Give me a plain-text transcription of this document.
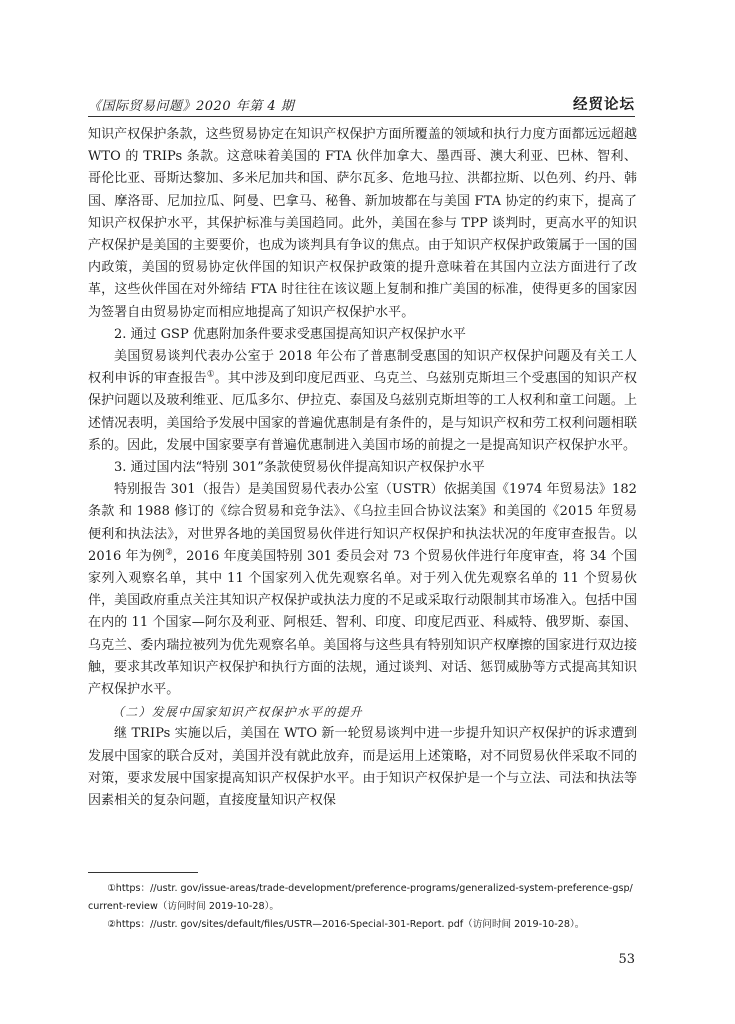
《国际贸易问题》2020 年第 4 期	经贸论坛

知识产权保护条款，这些贸易协定在知识产权保护方面所覆盖的领域和执行力度方面都远远超越 WTO 的 TRIPs 条款。这意味着美国的 FTA 伙伴加拿大、墨西哥、澳大利亚、巴林、智利、哥伦比亚、哥斯达黎加、多米尼加共和国、萨尔瓦多、危地马拉、洪都拉斯、以色列、约丹、韩国、摩洛哥、尼加拉瓜、阿曼、巴拿马、秘鲁、新加坡都在与美国 FTA 协定的约束下，提高了知识产权保护水平，其保护标准与美国趋同。此外，美国在参与 TPP 谈判时，更高水平的知识产权保护是美国的主要要价，也成为谈判具有争议的焦点。由于知识产权保护政策属于一国的国内政策，美国的贸易协定伙伴国的知识产权保护政策的提升意味着在其国内立法方面进行了改革，这些伙伴国在对外缔结 FTA 时往往在该议题上复制和推广美国的标准，使得更多的国家因为签署自由贸易协定而相应地提高了知识产权保护水平。

2. 通过 GSP 优惠附加条件要求受惠国提高知识产权保护水平

美国贸易谈判代表办公室于 2018 年公布了普惠制受惠国的知识产权保护问题及有关工人权利申诉的审查报告①。其中涉及到印度尼西亚、乌克兰、乌兹别克斯坦三个受惠国的知识产权保护问题以及玻利维亚、厄瓜多尔、伊拉克、泰国及乌兹别克斯坦等的工人权利和童工问题。上述情况表明，美国给予发展中国家的普遍优惠制是有条件的，是与知识产权和劳工权利问题相联系的。因此，发展中国家要享有普遍优惠制进入美国市场的前提之一是提高知识产权保护水平。

3. 通过国内法“特别 301”条款使贸易伙伴提高知识产权保护水平

特别报告 301（报告）是美国贸易代表办公室（USTR）依据美国《1974 年贸易法》182 条款 和 1988 修订的《综合贸易和竞争法》、《乌拉圭回合协议法案》和美国的《2015 年贸易便利和执法法》，对世界各地的美国贸易伙伴进行知识产权保护和执法状况的年度审查报告。以 2016 年为例②，2016 年度美国特别 301 委员会对 73 个贸易伙伴进行年度审查，将 34 个国家列入观察名单，其中 11 个国家列入优先观察名单。对于列入优先观察名单的 11 个贸易伙伴，美国政府重点关注其知识产权保护或执法力度的不足或采取行动限制其市场准入。包括中国在内的 11 个国家—阿尔及利亚、阿根廷、智利、印度、印度尼西亚、科威特、俄罗斯、泰国、乌克兰、委内瑞拉被列为优先观察名单。美国将与这些具有特别知识产权摩擦的国家进行双边接触，要求其改革知识产权保护和执行方面的法规，通过谈判、对话、惩罚威胁等方式提高其知识产权保护水平。

（二）发展中国家知识产权保护水平的提升

继 TRIPs 实施以后，美国在 WTO 新一轮贸易谈判中进一步提升知识产权保护的诉求遭到发展中国家的联合反对，美国并没有就此放弃，而是运用上述策略，对不同贸易伙伴采取不同的对策，要求发展中国家提高知识产权保护水平。由于知识产权保护是一个与立法、司法和执法等因素相关的复杂问题，直接度量知识产权保

①https：//ustr. gov/issue-areas/trade-development/preference-programs/generalized-system-preference-gsp/current-review（访问时间 2019-10-28）。

②https：//ustr. gov/sites/default/files/USTR—2016-Special-301-Report. pdf（访问时间 2019-10-28）。

53
